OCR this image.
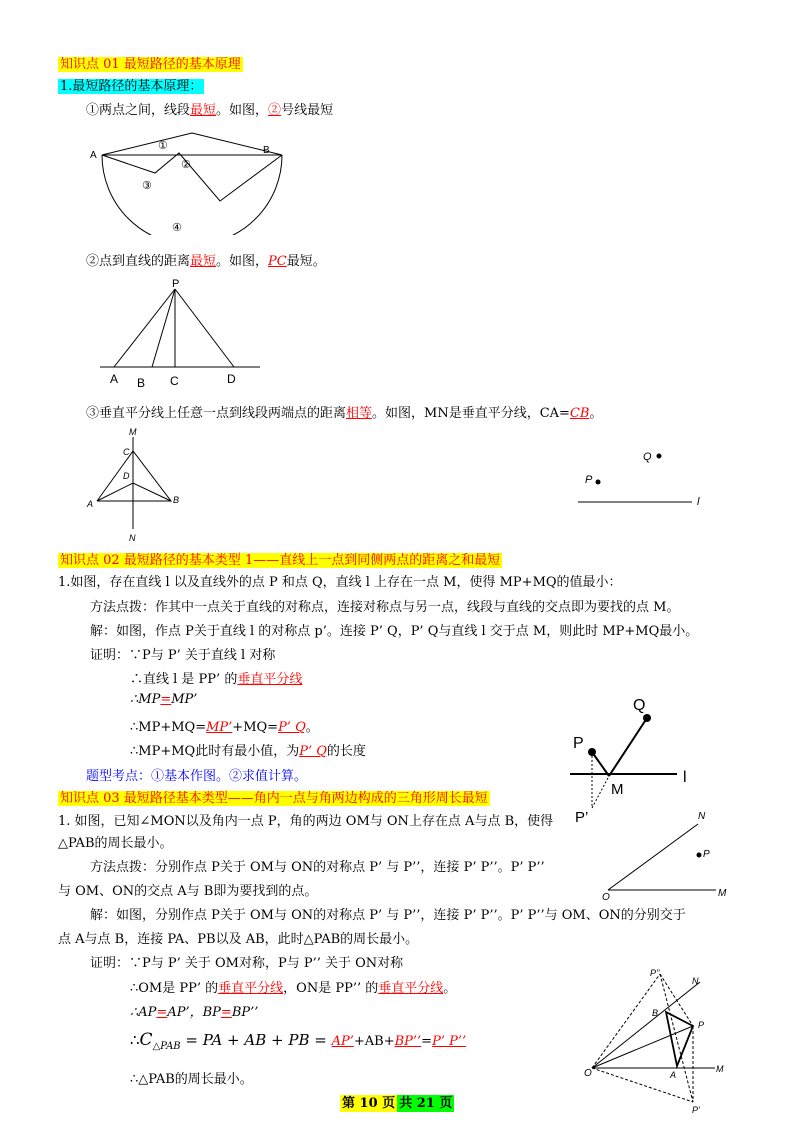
知识点 01 最短路径的基本原理
1.最短路径的基本原理：
①两点之间，线段最短。如图，②号线最短
A	B
①
②
③
④
②点到直线的距离最短。如图，PC最短。
P
A B C	D
③垂直平分线上任意一点到线段两端点的距离相等。如图，MN是垂直平分线，CA=CB。
M
C
D
A	B
N
Q
P
l
知识点 02 最短路径的基本类型 1——直线上一点到同侧两点的距离之和最短
1.如图，存在直线 l 以及直线外的点 P 和点 Q，直线 l 上存在一点 M，使得 MP+MQ的值最小：
方法点拨：作其中一点关于直线的对称点，连接对称点与另一点，线段与直线的交点即为要找的点 M。
解：如图，作点 P关于直线 l 的对称点 p’。连接 P’ Q，P’ Q与直线 l 交于点 M，则此时 MP+MQ最小。
证明：∵P与 P’ 关于直线 l 对称
∴直线 l 是 PP’ 的垂直平分线
∴MP=MP’
∴MP+MQ=MP’+MQ=P’ Q。
∴MP+MQ此时有最小值，为P’ Q的长度
题型考点：①基本作图。②求值计算。
P
Q
M
P’
l
知识点 03 最短路径基本类型——角内一点与角两边构成的三角形周长最短
1. 如图，已知∠MON以及角内一点 P，角的两边 OM与 ON上存在点 A与点 B，使得
△PAB的周长最小。
方法点拨：分别作点 P关于 OM与 ON的对称点 P’ 与 P’’，连接 P’ P’’。P’ P’’
与 OM、ON的交点 A与 B即为要找到的点。
解：如图，分别作点 P关于 OM与 ON的对称点 P’ 与 P’’，连接 P’ P’’。P’ P’’与 OM、ON的分别交于
点 A与点 B，连接 PA、PB以及 AB，此时△PAB的周长最小。
证明：∵P与 P’ 关于 OM对称，P与 P’’ 关于 ON对称
∴OM是 PP’ 的垂直平分线，ON是 PP’’ 的垂直平分线。
∴AP=AP’，BP=BP’’
$\therefore C_{\triangle PAB}$ = PA + AB + PB = AP’+AB+BP’’=P’ P’’
∴△PAB的周长最小。
N
P
O	M
P’’
N
B
P
O	A
M
P’
第 10 页 共 21 页
